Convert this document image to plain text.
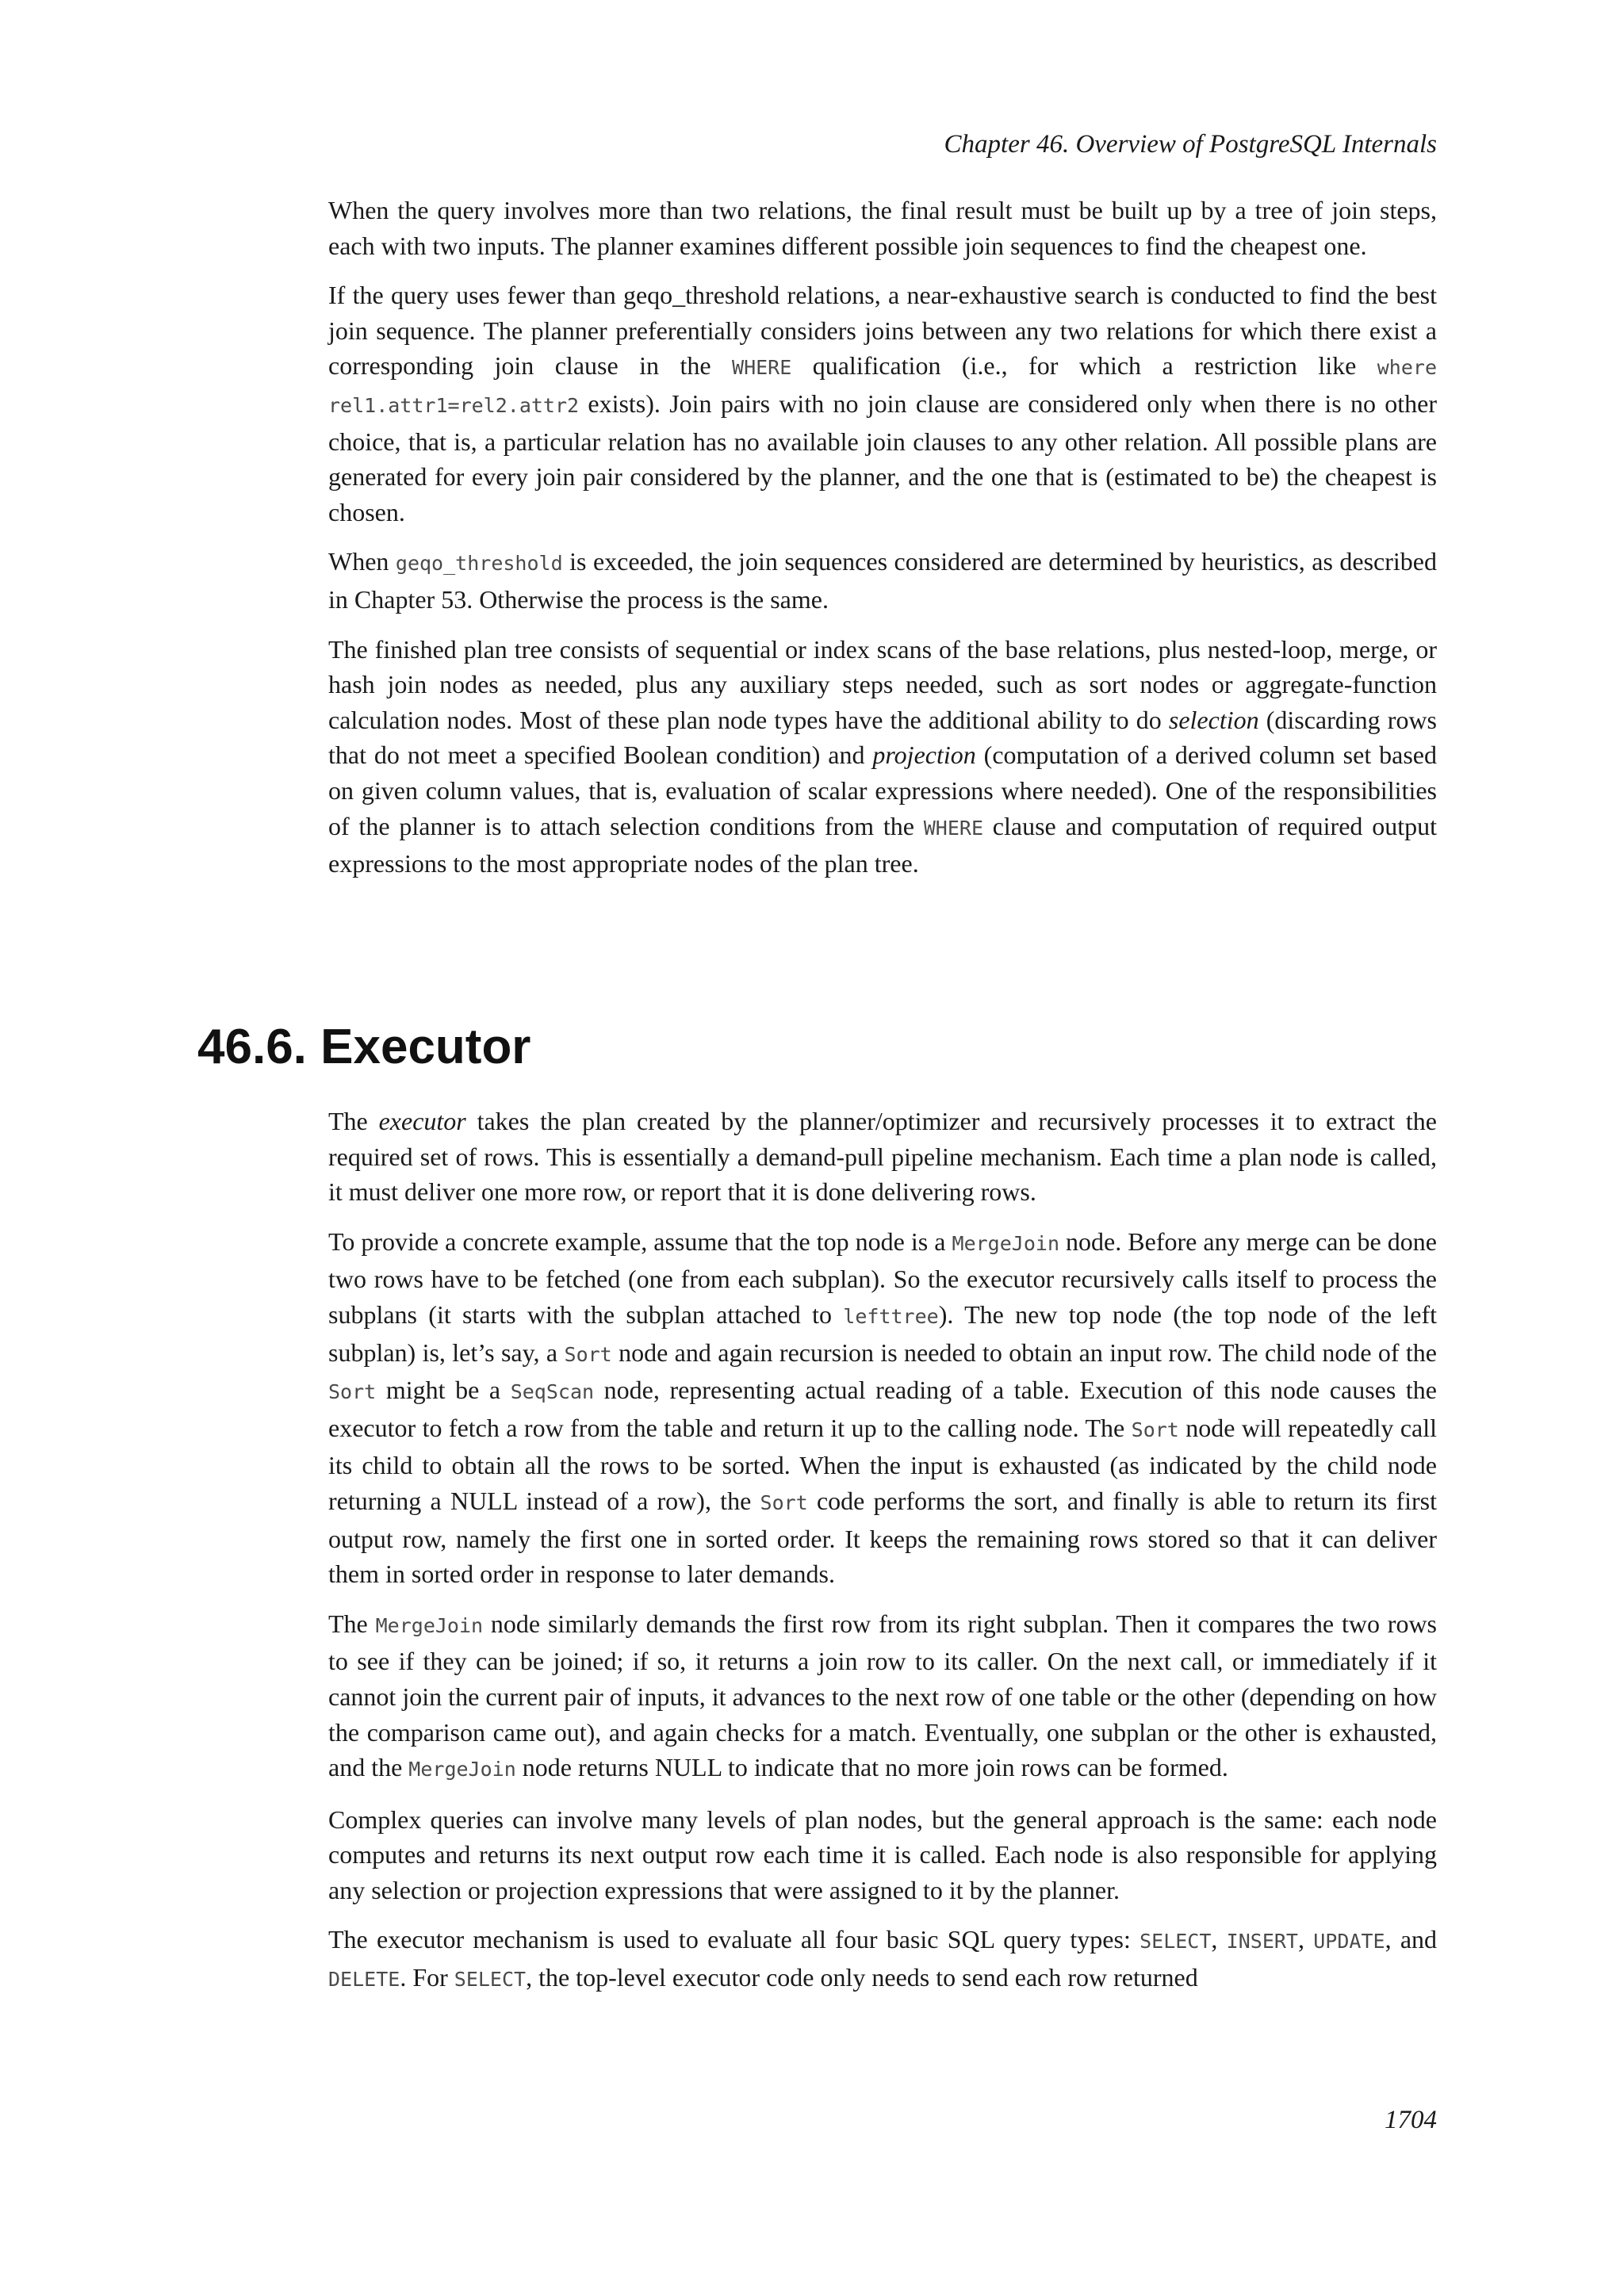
Chapter 46. Overview of PostgreSQL Internals

When the query involves more than two relations, the final result must be built up by a tree of join steps, each with two inputs. The planner examines different possible join sequences to find the cheapest one.

If the query uses fewer than geqo_threshold relations, a near-exhaustive search is conducted to find the best join sequence. The planner preferentially considers joins between any two relations for which there exist a corresponding join clause in the WHERE qualification (i.e., for which a restriction like where rel1.attr1=rel2.attr2 exists). Join pairs with no join clause are considered only when there is no other choice, that is, a particular relation has no available join clauses to any other relation. All possible plans are generated for every join pair considered by the planner, and the one that is (estimated to be) the cheapest is chosen.

When geqo_threshold is exceeded, the join sequences considered are determined by heuristics, as described in Chapter 53. Otherwise the process is the same.

The finished plan tree consists of sequential or index scans of the base relations, plus nested-loop, merge, or hash join nodes as needed, plus any auxiliary steps needed, such as sort nodes or aggregate-function calculation nodes. Most of these plan node types have the additional ability to do selection (discarding rows that do not meet a specified Boolean condition) and projection (computation of a derived column set based on given column values, that is, evaluation of scalar expressions where needed). One of the responsibilities of the planner is to attach selection conditions from the WHERE clause and computation of required output expressions to the most appropriate nodes of the plan tree.

46.6. Executor

The executor takes the plan created by the planner/optimizer and recursively processes it to extract the required set of rows. This is essentially a demand-pull pipeline mechanism. Each time a plan node is called, it must deliver one more row, or report that it is done delivering rows.

To provide a concrete example, assume that the top node is a MergeJoin node. Before any merge can be done two rows have to be fetched (one from each subplan). So the executor recursively calls itself to process the subplans (it starts with the subplan attached to lefttree). The new top node (the top node of the left subplan) is, let’s say, a Sort node and again recursion is needed to obtain an input row. The child node of the Sort might be a SeqScan node, representing actual reading of a table. Execution of this node causes the executor to fetch a row from the table and return it up to the calling node. The Sort node will repeatedly call its child to obtain all the rows to be sorted. When the input is exhausted (as indicated by the child node returning a NULL instead of a row), the Sort code performs the sort, and finally is able to return its first output row, namely the first one in sorted order. It keeps the remaining rows stored so that it can deliver them in sorted order in response to later demands.

The MergeJoin node similarly demands the first row from its right subplan. Then it compares the two rows to see if they can be joined; if so, it returns a join row to its caller. On the next call, or immediately if it cannot join the current pair of inputs, it advances to the next row of one table or the other (depending on how the comparison came out), and again checks for a match. Eventually, one subplan or the other is exhausted, and the MergeJoin node returns NULL to indicate that no more join rows can be formed.

Complex queries can involve many levels of plan nodes, but the general approach is the same: each node computes and returns its next output row each time it is called. Each node is also responsible for applying any selection or projection expressions that were assigned to it by the planner.

The executor mechanism is used to evaluate all four basic SQL query types: SELECT, INSERT, UPDATE, and DELETE. For SELECT, the top-level executor code only needs to send each row returned

1704
